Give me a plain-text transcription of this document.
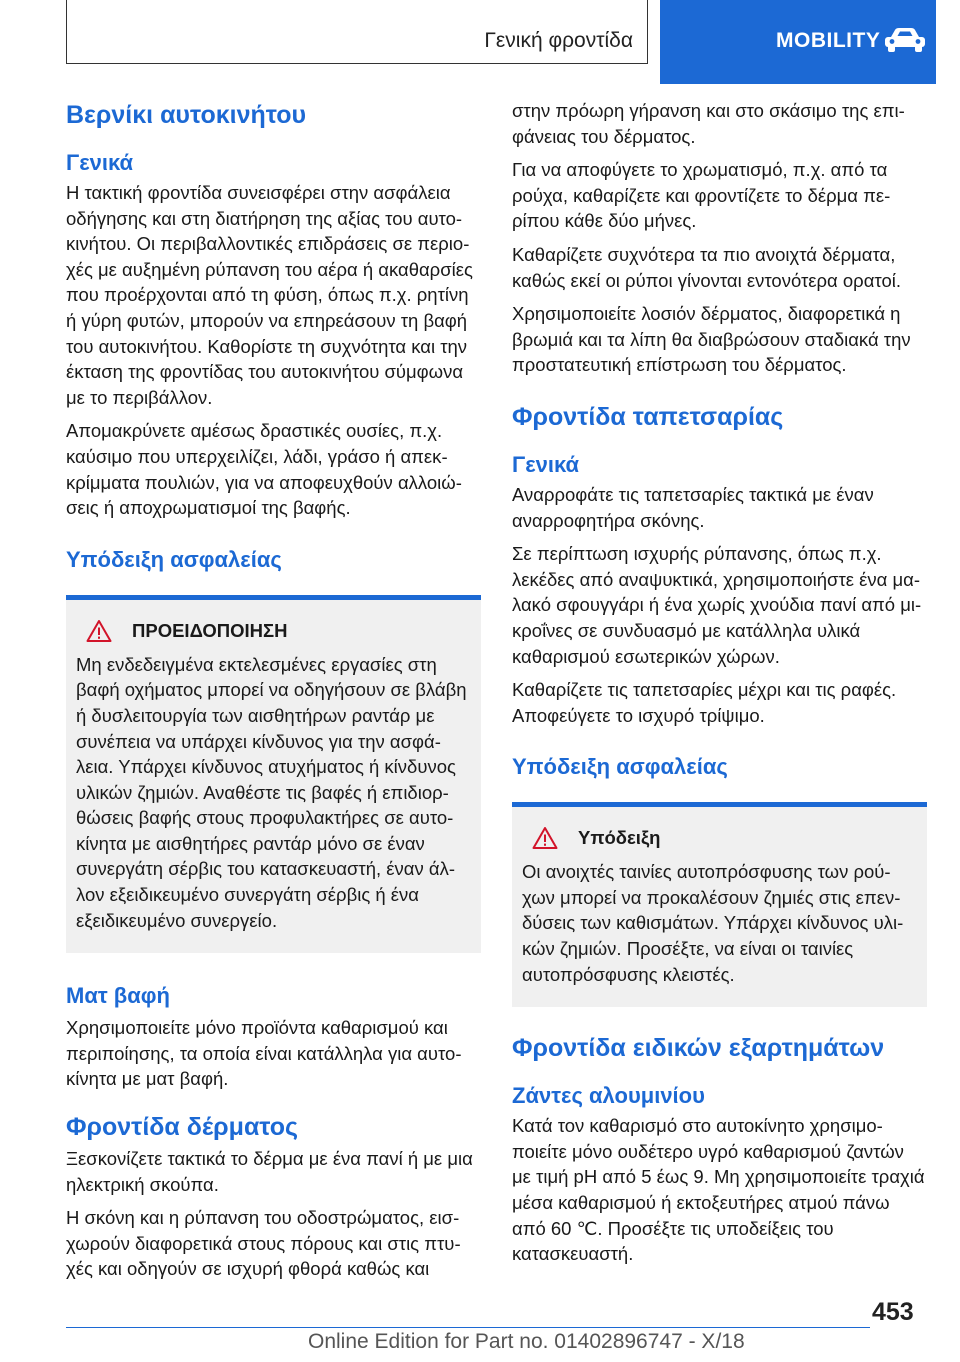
Γενική φροντίδα	MOBILITY
Βερνίκι αυτοκινήτου
Γενικά

Η τακτική φροντίδα συνεισφέρει στην ασφάλεια οδήγησης και στη διατήρηση της αξίας του αυτοκινήτου. Οι περιβαλλοντικές επιδράσεις σε περιοχές με αυξημένη ρύπανση του αέρα ή ακαθαρσίες που προέρχονται από τη φύση, όπως π.χ. ρητίνη ή γύρη φυτών, μπορούν να επηρεάσουν τη βαφή του αυτοκινήτου. Καθορίστε τη συχνότητα και την έκταση της φροντίδας του αυτοκινήτου σύμφωνα με το περιβάλλον.

Απομακρύνετε αμέσως δραστικές ουσίες, π.χ. καύσιμο που υπερχειλίζει, λάδι, γράσο ή απεκκρίμματα πουλιών, για να αποφευχθούν αλλοιώσεις ή αποχρωματισμοί της βαφής.

Υπόδειξη ασφαλείας
ΠΡΟΕΙΔΟΠΟΙΗΣΗ

Μη ενδεδειγμένα εκτελεσμένες εργασίες στη βαφή οχήματος μπορεί να οδηγήσουν σε βλάβη ή δυσλειτουργία των αισθητήρων ραντάρ με συνέπεια να υπάρχει κίνδυνος για την ασφάλεια. Υπάρχει κίνδυνος ατυχήματος ή κίνδυνος υλικών ζημιών. Αναθέστε τις βαφές ή επιδιορθώσεις βαφής στους προφυλακτήρες σε αυτοκίνητα με αισθητήρες ραντάρ μόνο σε έναν συνεργάτη σέρβις του κατασκευαστή, έναν άλλον εξειδικευμένο συνεργάτη σέρβις ή ένα εξειδικευμένο συνεργείο.

Ματ βαφή

Χρησιμοποιείτε μόνο προϊόντα καθαρισμού και περιποίησης, τα οποία είναι κατάλληλα για αυτοκίνητα με ματ βαφή.

Φροντίδα δέρματος

Ξεσκονίζετε τακτικά το δέρμα με ένα πανί ή με μια ηλεκτρική σκούπα.

Η σκόνη και η ρύπανση του οδοστρώματος, εισχωρούν διαφορετικά στους πόρους και στις πτυχές και οδηγούν σε ισχυρή φθορά καθώς και

στην πρόωρη γήρανση και στο σκάσιμο της επιφάνειας του δέρματος.

Για να αποφύγετε το χρωματισμό, π.χ. από τα ρούχα, καθαρίζετε και φροντίζετε το δέρμα περίπου κάθε δύο μήνες.

Καθαρίζετε συχνότερα τα πιο ανοιχτά δέρματα, καθώς εκεί οι ρύποι γίνονται εντονότερα ορατοί.

Χρησιμοποιείτε λοσιόν δέρματος, διαφορετικά η βρωμιά και τα λίπη θα διαβρώσουν σταδιακά την προστατευτική επίστρωση του δέρματος.

Φροντίδα ταπετσαρίας
Γενικά

Αναρροφάτε τις ταπετσαρίες τακτικά με έναν αναρροφητήρα σκόνης.

Σε περίπτωση ισχυρής ρύπανσης, όπως π.χ. λεκέδες από αναψυκτικά, χρησιμοποιήστε ένα μαλακό σφουγγάρι ή ένα χωρίς χνούδια πανί από μικροΐνες σε συνδυασμό με κατάλληλα υλικά καθαρισμού εσωτερικών χώρων.

Καθαρίζετε τις ταπετσαρίες μέχρι και τις ραφές. Αποφεύγετε το ισχυρό τρίψιμο.

Υπόδειξη ασφαλείας
Υπόδειξη

Οι ανοιχτές ταινίες αυτοπρόσφυσης των ρούχων μπορεί να προκαλέσουν ζημιές στις επενδύσεις των καθισμάτων. Υπάρχει κίνδυνος υλικών ζημιών. Προσέξτε, να είναι οι ταινίες αυτοπρόσφυσης κλειστές.

Φροντίδα ειδικών εξαρτημάτων
Ζάντες αλουμινίου

Κατά τον καθαρισμό στο αυτοκίνητο χρησιμοποιείτε μόνο ουδέτερο υγρό καθαρισμού ζαντών με τιμή pH από 5 έως 9. Μη χρησιμοποιείτε τραχιά μέσα καθαρισμού ή εκτοξευτήρες ατμού πάνω από 60 ℃. Προσέξτε τις υποδείξεις του κατασκευαστή.

453
Online Edition for Part no. 01402896747 - X/18
